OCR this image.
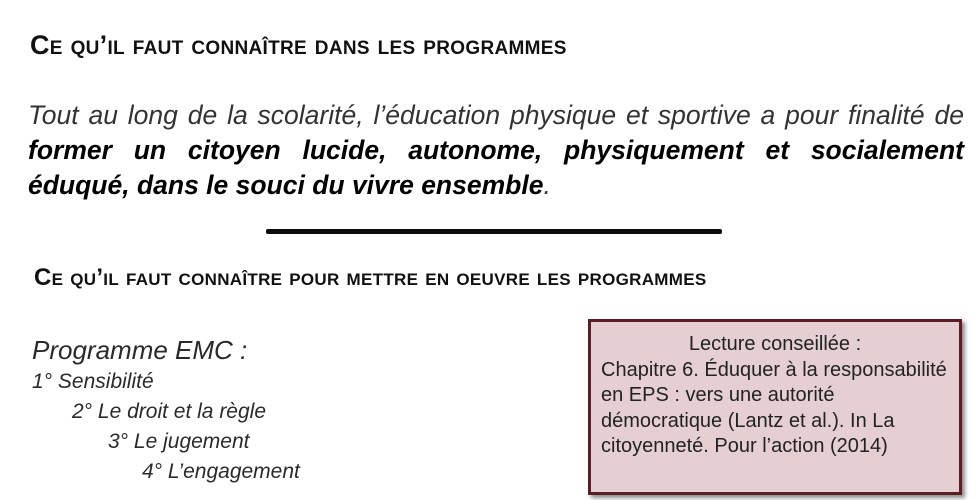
Ce qu’il faut connaître dans les programmes

Tout au long de la scolarité, l’éducation physique et sportive a pour finalité de former un citoyen lucide, autonome, physiquement et socialement éduqué, dans le souci du vivre ensemble.

Ce qu’il faut connaître pour mettre en oeuvre les programmes
Programme EMC :
1° Sensibilité
2° Le droit et la règle
3° Le jugement
4° L’engagement
Lecture conseillée :
Chapitre 6. Éduquer à la responsabilité en EPS : vers une autorité démocratique (Lantz et al.). In La citoyenneté. Pour l’action (2014)
